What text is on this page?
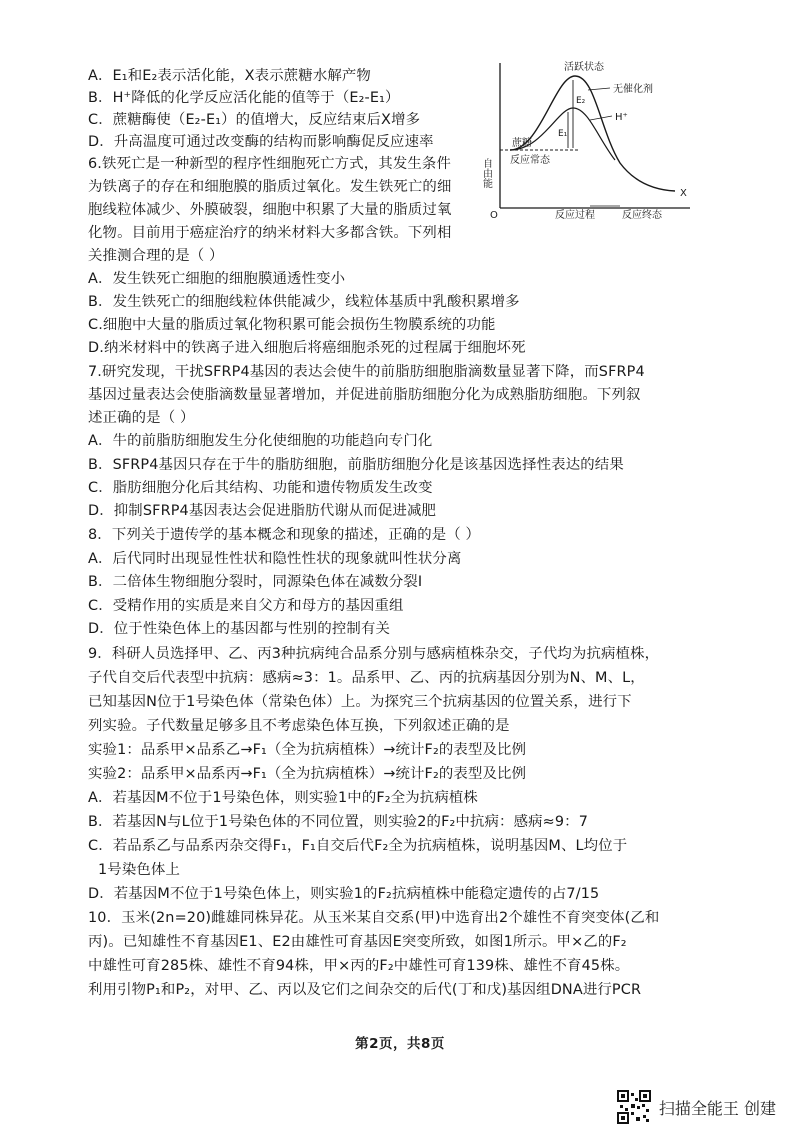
A．E₁和E₂表示活化能，X表示蔗糖水解产物
B．H⁺降低的化学反应活化能的值等于（E₂-E₁）
C．蔗糖酶使（E₂-E₁）的值增大，反应结束后X增多
D．升高温度可通过改变酶的结构而影响酶促反应速率
6.铁死亡是一种新型的程序性细胞死亡方式，其发生条件
为铁离子的存在和细胞膜的脂质过氧化。发生铁死亡的细
胞线粒体减少、外膜破裂，细胞中积累了大量的脂质过氧
化物。目前用于癌症治疗的纳米材料大多都含铁。下列相
关推测合理的是（ ）
A．发生铁死亡细胞的细胞膜通透性变小
B．发生铁死亡的细胞线粒体供能减少，线粒体基质中乳酸积累增多
C.细胞中大量的脂质过氧化物积累可能会损伤生物膜系统的功能
D.纳米材料中的铁离子进入细胞后将癌细胞杀死的过程属于细胞坏死
7.研究发现，干扰SFRP4基因的表达会使牛的前脂肪细胞脂滴数量显著下降，而SFRP4
基因过量表达会使脂滴数量显著增加，并促进前脂肪细胞分化为成熟脂肪细胞。下列叙
述正确的是（ ）
A．牛的前脂肪细胞发生分化使细胞的功能趋向专门化
B．SFRP4基因只存在于牛的脂肪细胞，前脂肪细胞分化是该基因选择性表达的结果
C．脂肪细胞分化后其结构、功能和遗传物质发生改变
D．抑制SFRP4基因表达会促进脂肪代谢从而促进减肥
8．下列关于遗传学的基本概念和现象的描述，正确的是（ ）
A．后代同时出现显性性状和隐性性状的现象就叫性状分离
B．二倍体生物细胞分裂时，同源染色体在减数分裂Ⅰ
C．受精作用的实质是来自父方和母方的基因重组
D．位于性染色体上的基因都与性别的控制有关
9．科研人员选择甲、乙、丙3种抗病纯合品系分别与感病植株杂交，子代均为抗病植株，
子代自交后代表型中抗病：感病≈3：1。品系甲、乙、丙的抗病基因分别为N、M、L，
已知基因N位于1号染色体（常染色体）上。为探究三个抗病基因的位置关系，进行下
列实验。子代数量足够多且不考虑染色体互换，下列叙述正确的是
实验1：品系甲×品系乙→F₁（全为抗病植株）→统计F₂的表型及比例
实验2：品系甲×品系丙→F₁（全为抗病植株）→统计F₂的表型及比例
A．若基因M不位于1号染色体，则实验1中的F₂全为抗病植株
B．若基因N与L位于1号染色体的不同位置，则实验2的F₂中抗病：感病≈9：7
C．若品系乙与品系丙杂交得F₁，F₁自交后代F₂全为抗病植株，说明基因M、L均位于
1号染色体上
D．若基因M不位于1号染色体上，则实验1的F₂抗病植株中能稳定遗传的占7/15
10．玉米(2n=20)雌雄同株异花。从玉米某自交系(甲)中选育出2个雄性不育突变体(乙和
丙)。已知雄性不育基因E1、E2由雄性可育基因E突变所致，如图1所示。甲×乙的F₂
中雄性可育285株、雄性不育94株，甲×丙的F₂中雄性可育139株、雄性不育45株。
利用引物P₁和P₂，对甲、乙、丙以及它们之间杂交的后代(丁和戊)基因组DNA进行PCR
活跃状态
无催化剂
H⁺
E₂
E₁
蔗糖
反应常态
自由能
O	反应过程	反应终态
X
第2页，共8页
扫描全能王 创建
